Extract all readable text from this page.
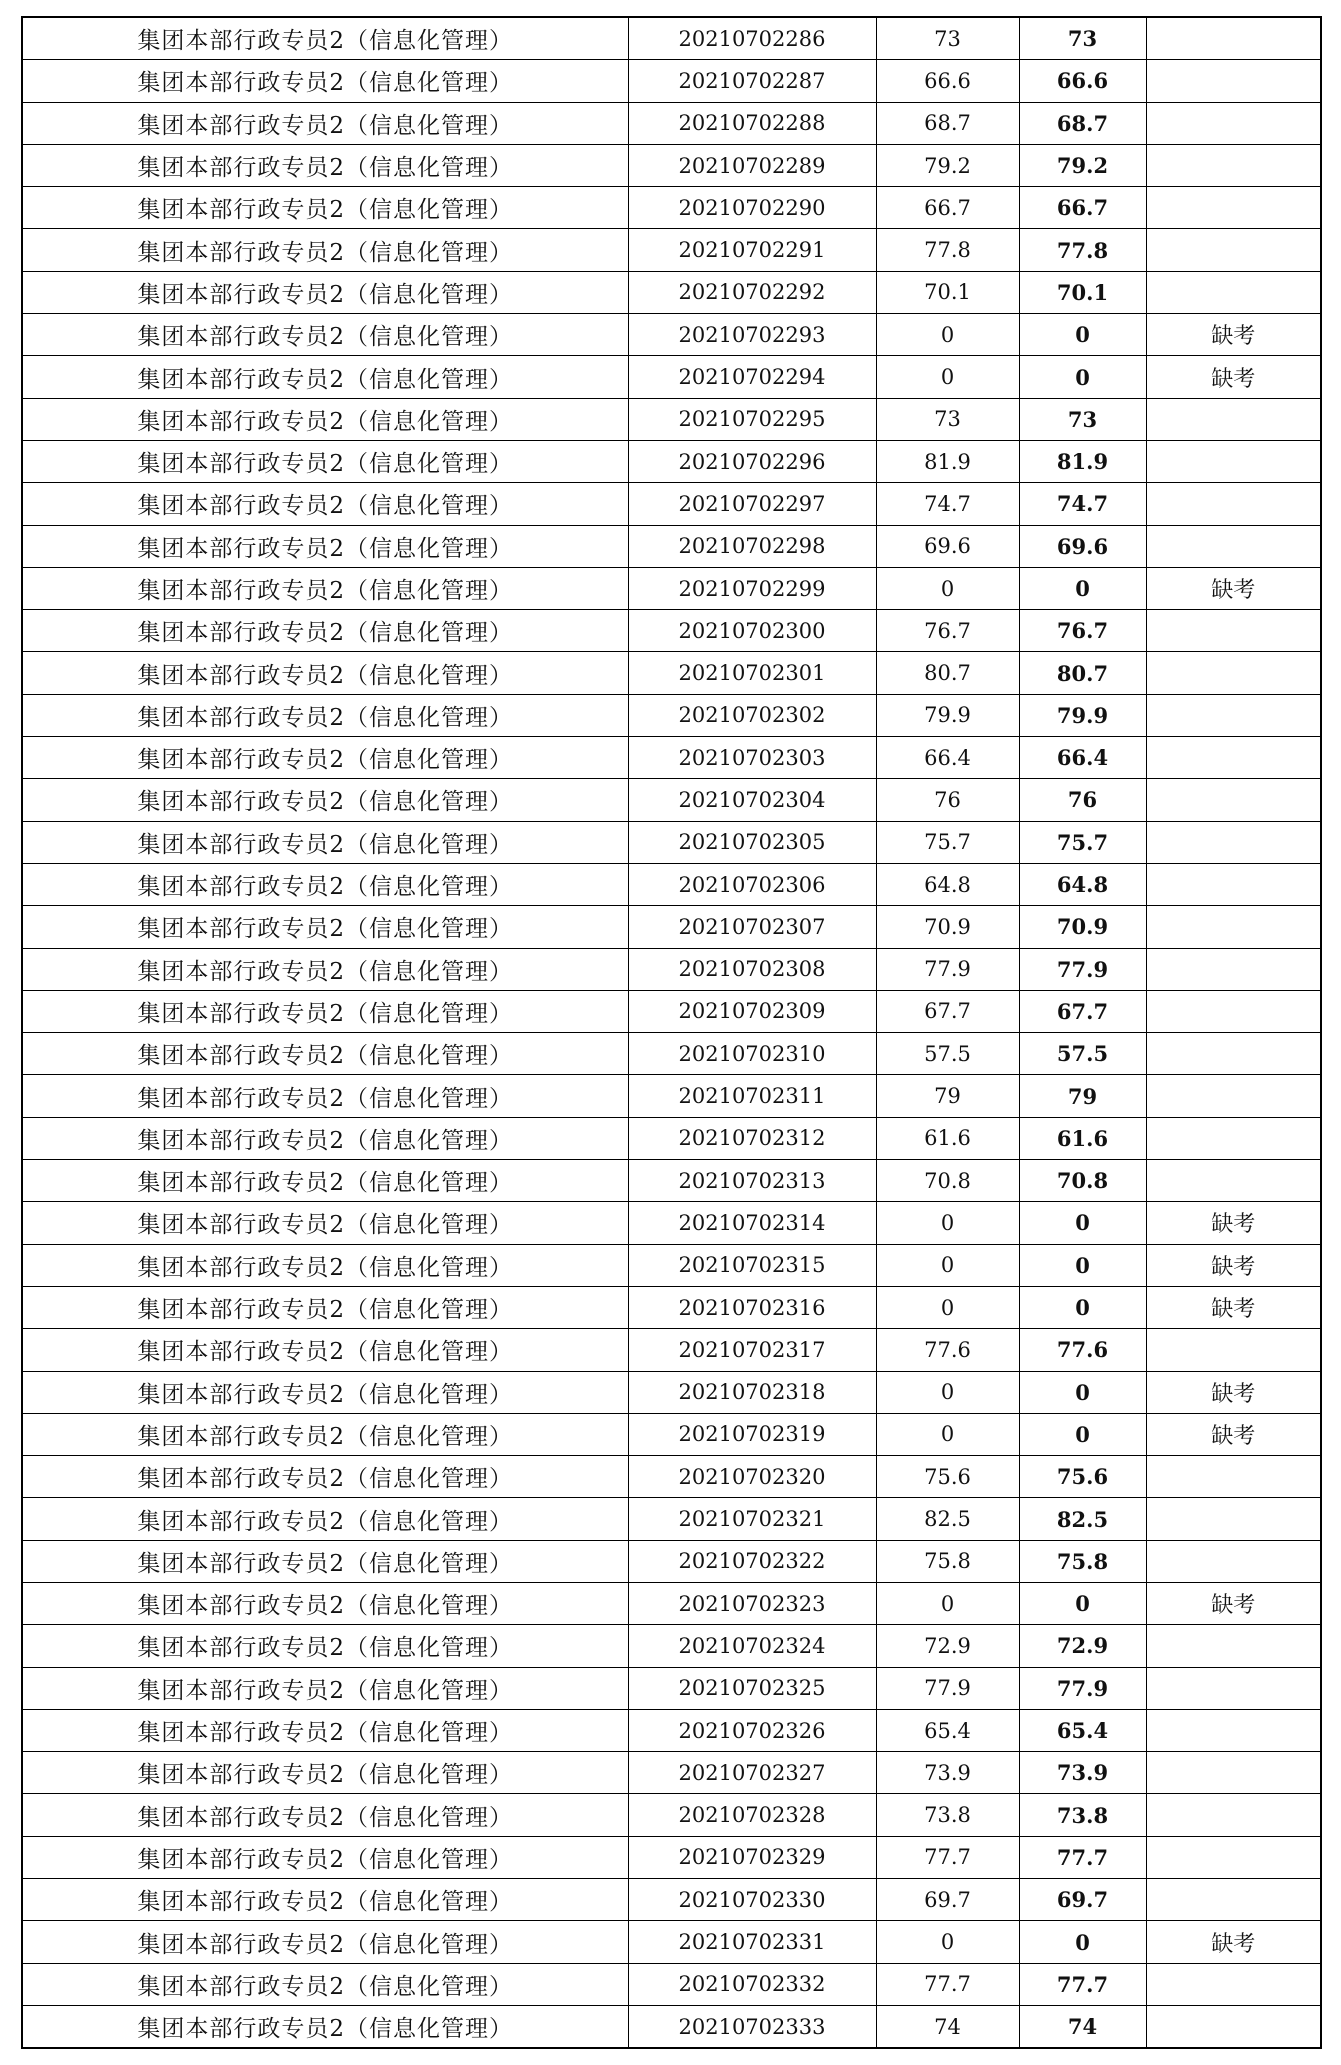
集团本部行政专员2（信息化管理）	20210702286	73	73	
集团本部行政专员2（信息化管理）	20210702287	66.6	66.6	
集团本部行政专员2（信息化管理）	20210702288	68.7	68.7	
集团本部行政专员2（信息化管理）	20210702289	79.2	79.2	
集团本部行政专员2（信息化管理）	20210702290	66.7	66.7	
集团本部行政专员2（信息化管理）	20210702291	77.8	77.8	
集团本部行政专员2（信息化管理）	20210702292	70.1	70.1	
集团本部行政专员2（信息化管理）	20210702293	0	0	缺考
集团本部行政专员2（信息化管理）	20210702294	0	0	缺考
集团本部行政专员2（信息化管理）	20210702295	73	73	
集团本部行政专员2（信息化管理）	20210702296	81.9	81.9	
集团本部行政专员2（信息化管理）	20210702297	74.7	74.7	
集团本部行政专员2（信息化管理）	20210702298	69.6	69.6	
集团本部行政专员2（信息化管理）	20210702299	0	0	缺考
集团本部行政专员2（信息化管理）	20210702300	76.7	76.7	
集团本部行政专员2（信息化管理）	20210702301	80.7	80.7	
集团本部行政专员2（信息化管理）	20210702302	79.9	79.9	
集团本部行政专员2（信息化管理）	20210702303	66.4	66.4	
集团本部行政专员2（信息化管理）	20210702304	76	76	
集团本部行政专员2（信息化管理）	20210702305	75.7	75.7	
集团本部行政专员2（信息化管理）	20210702306	64.8	64.8	
集团本部行政专员2（信息化管理）	20210702307	70.9	70.9	
集团本部行政专员2（信息化管理）	20210702308	77.9	77.9	
集团本部行政专员2（信息化管理）	20210702309	67.7	67.7	
集团本部行政专员2（信息化管理）	20210702310	57.5	57.5	
集团本部行政专员2（信息化管理）	20210702311	79	79	
集团本部行政专员2（信息化管理）	20210702312	61.6	61.6	
集团本部行政专员2（信息化管理）	20210702313	70.8	70.8	
集团本部行政专员2（信息化管理）	20210702314	0	0	缺考
集团本部行政专员2（信息化管理）	20210702315	0	0	缺考
集团本部行政专员2（信息化管理）	20210702316	0	0	缺考
集团本部行政专员2（信息化管理）	20210702317	77.6	77.6	
集团本部行政专员2（信息化管理）	20210702318	0	0	缺考
集团本部行政专员2（信息化管理）	20210702319	0	0	缺考
集团本部行政专员2（信息化管理）	20210702320	75.6	75.6	
集团本部行政专员2（信息化管理）	20210702321	82.5	82.5	
集团本部行政专员2（信息化管理）	20210702322	75.8	75.8	
集团本部行政专员2（信息化管理）	20210702323	0	0	缺考
集团本部行政专员2（信息化管理）	20210702324	72.9	72.9	
集团本部行政专员2（信息化管理）	20210702325	77.9	77.9	
集团本部行政专员2（信息化管理）	20210702326	65.4	65.4	
集团本部行政专员2（信息化管理）	20210702327	73.9	73.9	
集团本部行政专员2（信息化管理）	20210702328	73.8	73.8	
集团本部行政专员2（信息化管理）	20210702329	77.7	77.7	
集团本部行政专员2（信息化管理）	20210702330	69.7	69.7	
集团本部行政专员2（信息化管理）	20210702331	0	0	缺考
集团本部行政专员2（信息化管理）	20210702332	77.7	77.7	
集团本部行政专员2（信息化管理）	20210702333	74	74	
